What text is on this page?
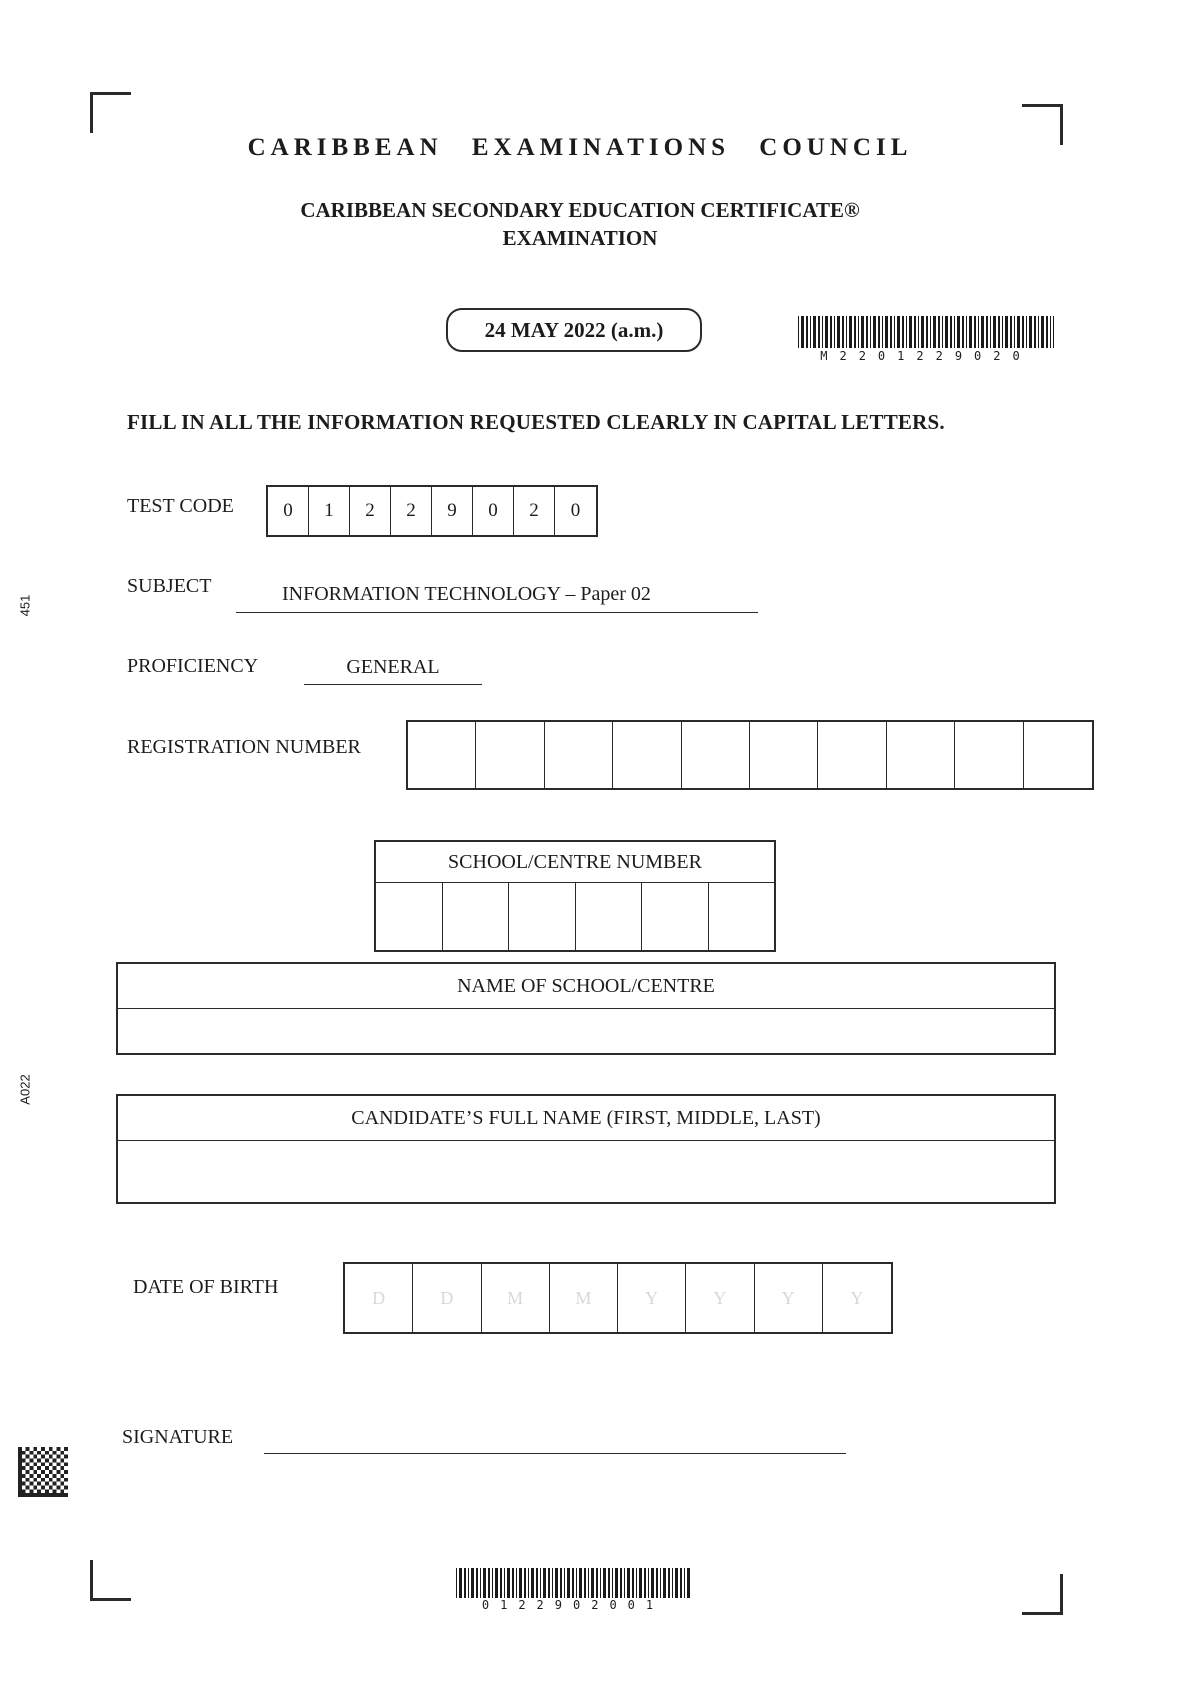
CARIBBEAN EXAMINATIONS COUNCIL
CARIBBEAN SECONDARY EDUCATION CERTIFICATE®
EXAMINATION
24 MAY 2022 (a.m.)
M2201229020
FILL IN ALL THE INFORMATION REQUESTED CLEARLY IN CAPITAL LETTERS.
TEST CODE	0	1	2	2	9	0	2	0
SUBJECT	INFORMATION TECHNOLOGY – Paper 02
PROFICIENCY	GENERAL
REGISTRATION NUMBER
SCHOOL/CENTRE NUMBER
NAME OF SCHOOL/CENTRE
CANDIDATE’S FULL NAME (FIRST, MIDDLE, LAST)
DATE OF BIRTH	D	D	M	M	Y	Y	Y	Y
SIGNATURE
451
A022
0122902001
